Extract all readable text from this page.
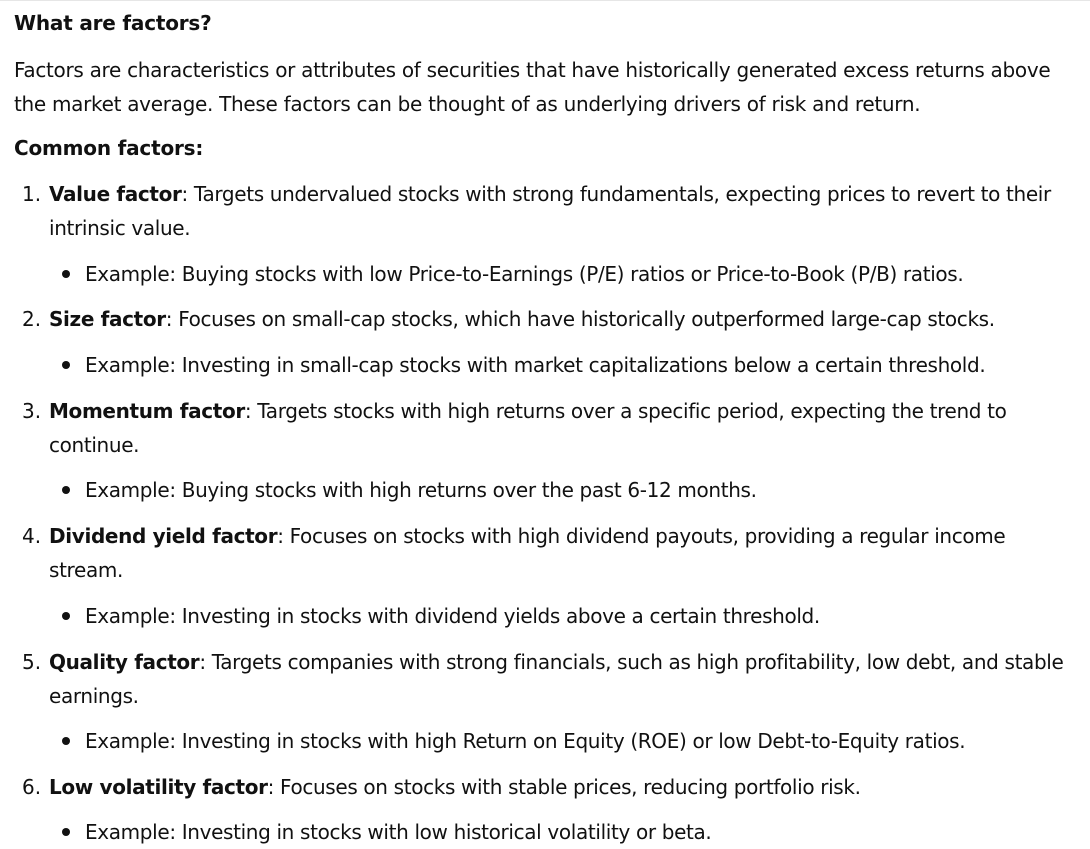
What are factors?
Factors are characteristics or attributes of securities that have historically generated excess returns above the market average. These factors can be thought of as underlying drivers of risk and return.
Common factors:
1. Value factor: Targets undervalued stocks with strong fundamentals, expecting prices to revert to their intrinsic value.
Example: Buying stocks with low Price-to-Earnings (P/E) ratios or Price-to-Book (P/B) ratios.
2. Size factor: Focuses on small-cap stocks, which have historically outperformed large-cap stocks.
Example: Investing in small-cap stocks with market capitalizations below a certain threshold.
3. Momentum factor: Targets stocks with high returns over a specific period, expecting the trend to continue.
Example: Buying stocks with high returns over the past 6-12 months.
4. Dividend yield factor: Focuses on stocks with high dividend payouts, providing a regular income stream.
Example: Investing in stocks with dividend yields above a certain threshold.
5. Quality factor: Targets companies with strong financials, such as high profitability, low debt, and stable earnings.
Example: Investing in stocks with high Return on Equity (ROE) or low Debt-to-Equity ratios.
6. Low volatility factor: Focuses on stocks with stable prices, reducing portfolio risk.
Example: Investing in stocks with low historical volatility or beta.
